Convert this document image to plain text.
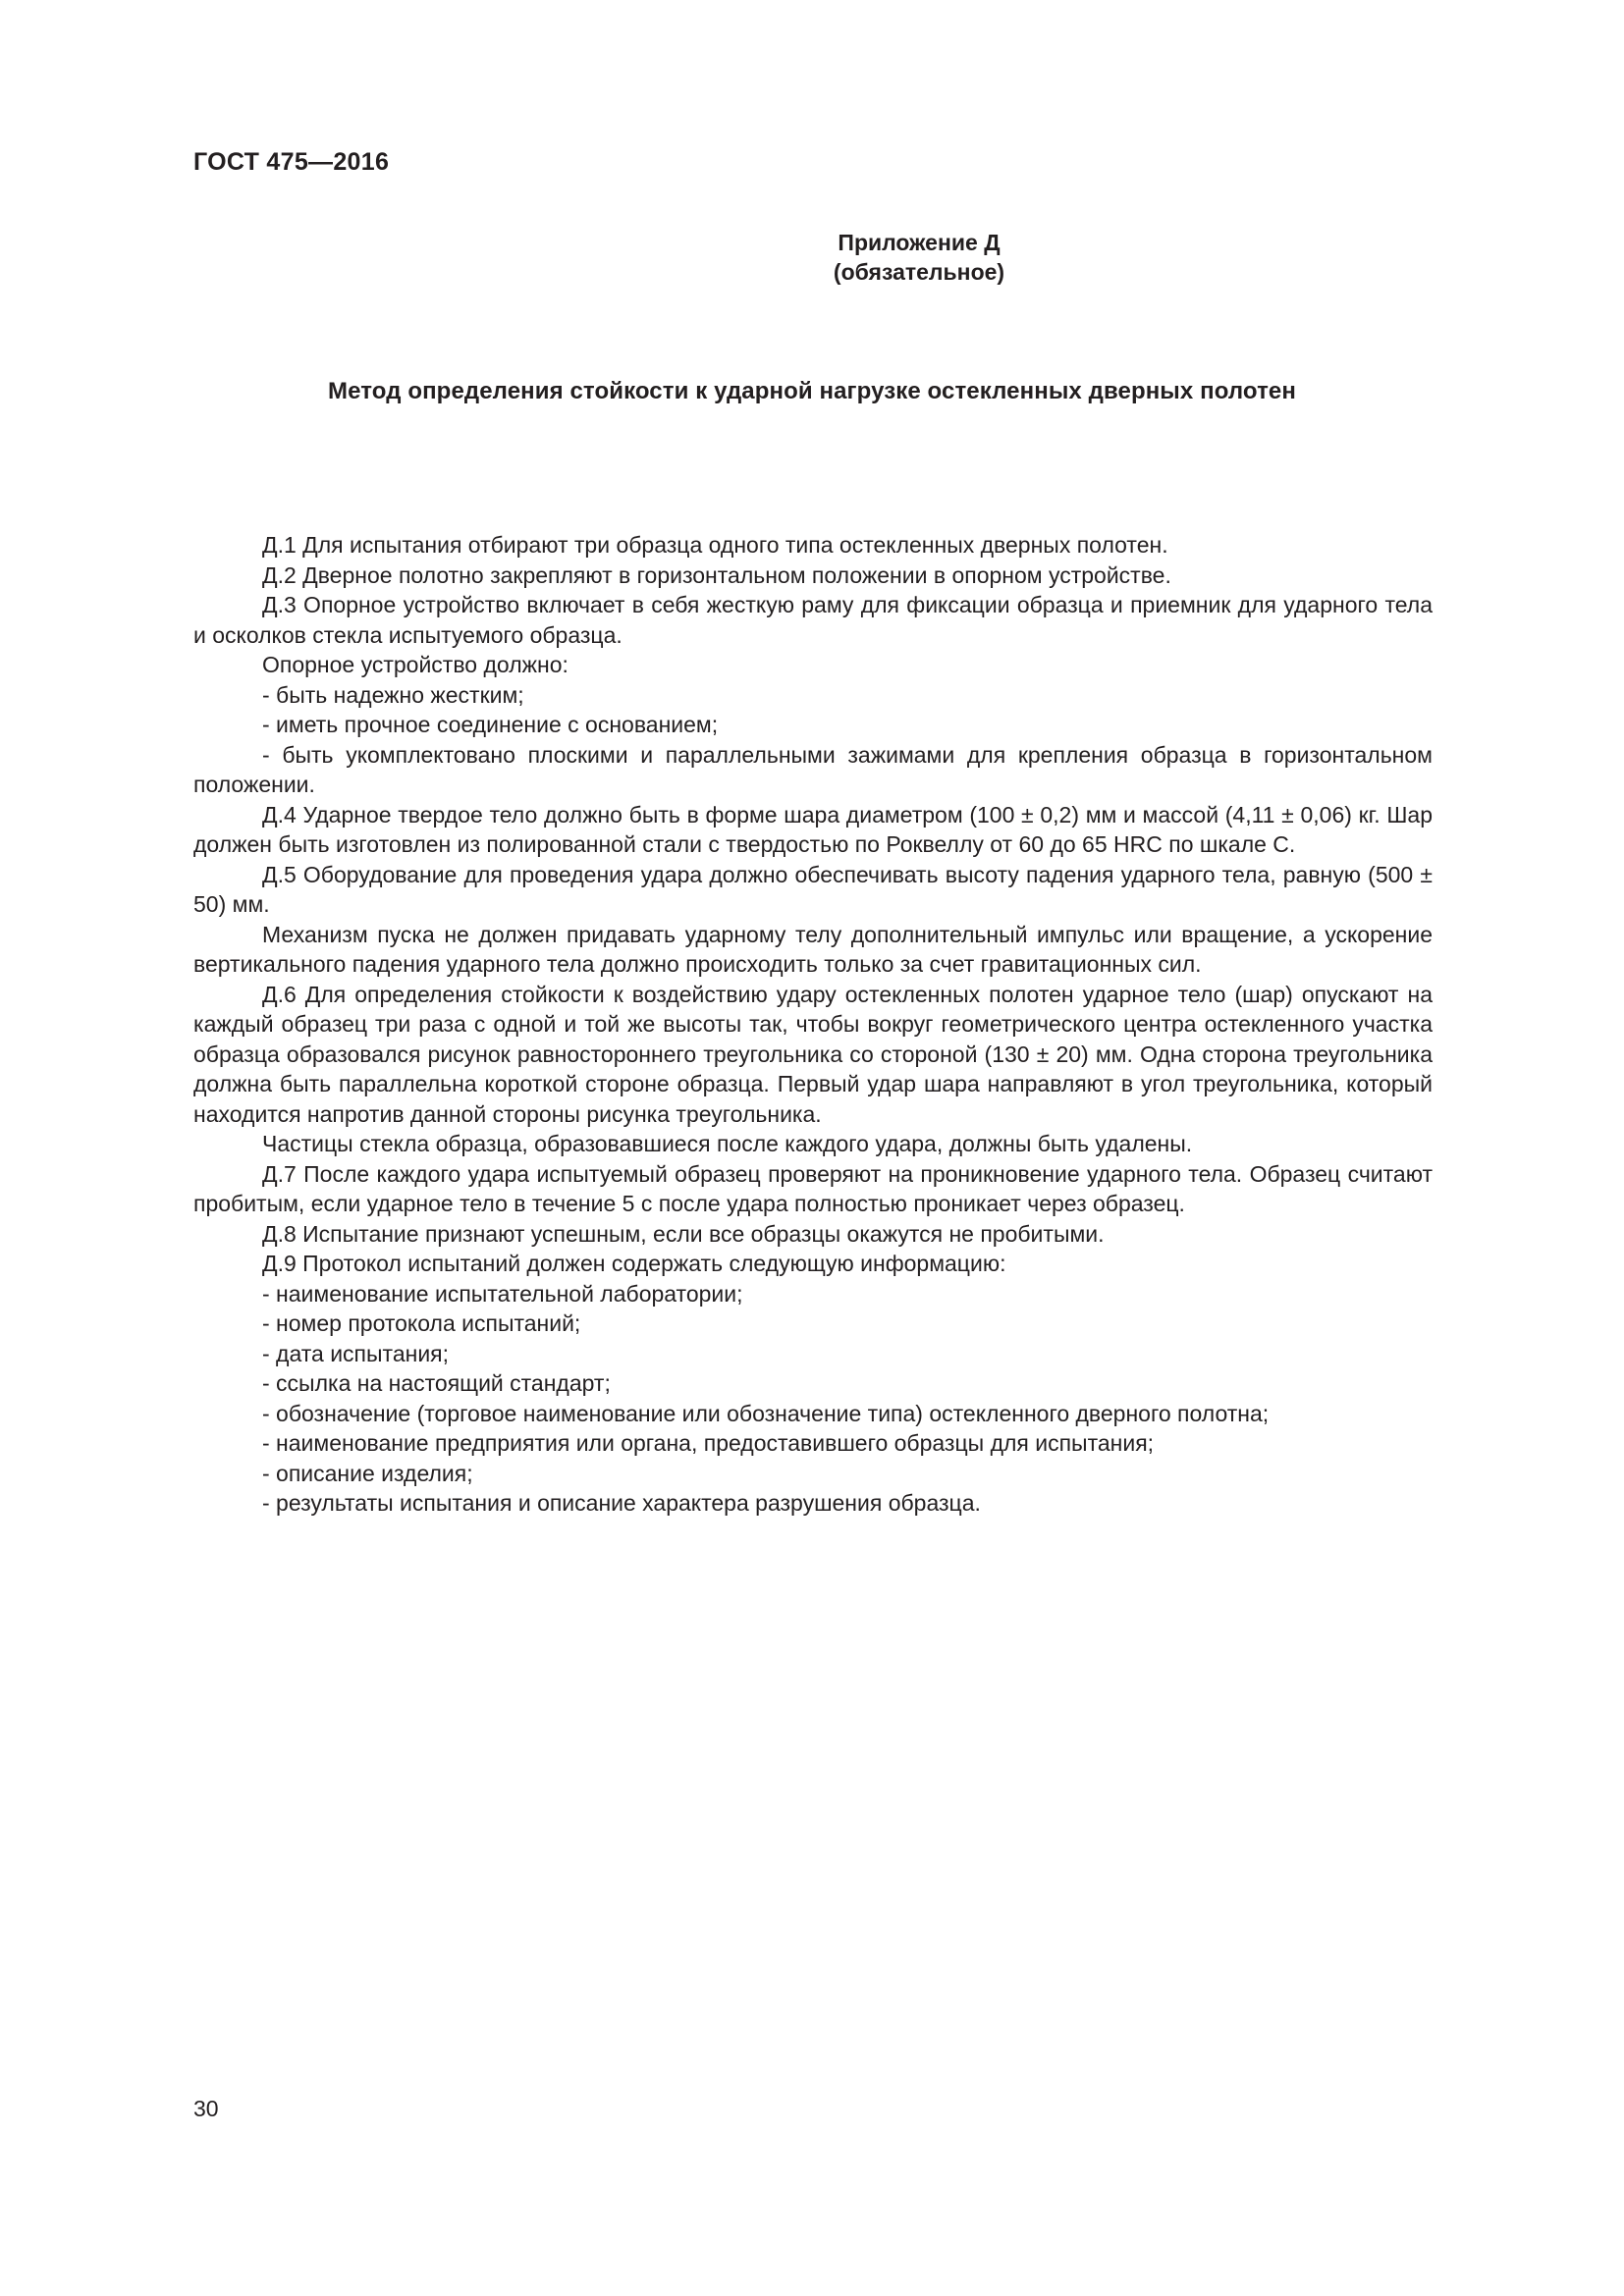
ГОСТ 475—2016
Приложение Д
(обязательное)
Метод определения стойкости к ударной нагрузке остекленных дверных полотен

Д.1 Для испытания отбирают три образца одного типа остекленных дверных полотен.

Д.2 Дверное полотно закрепляют в горизонтальном положении в опорном устройстве.

Д.3 Опорное устройство включает в себя жесткую раму для фиксации образца и приемник для ударного тела и осколков стекла испытуемого образца.

Опорное устройство должно:

- быть надежно жестким;

- иметь прочное соединение с основанием;

- быть укомплектовано плоскими и параллельными зажимами для крепления образца в горизонтальном положении.

Д.4 Ударное твердое тело должно быть в форме шара диаметром (100 ± 0,2) мм и массой (4,11 ± 0,06) кг. Шар должен быть изготовлен из полированной стали с твердостью по Роквеллу от 60 до 65 HRC по шкале С.

Д.5 Оборудование для проведения удара должно обеспечивать высоту падения ударного тела, равную (500 ± 50) мм.

Механизм пуска не должен придавать ударному телу дополнительный импульс или вращение, а ускорение вертикального падения ударного тела должно происходить только за счет гравитационных сил.

Д.6 Для определения стойкости к воздействию удару остекленных полотен ударное тело (шар) опускают на каждый образец три раза с одной и той же высоты так, чтобы вокруг геометрического центра остекленного участка образца образовался рисунок равностороннего треугольника со стороной (130 ± 20) мм. Одна сторона треугольника должна быть параллельна короткой стороне образца. Первый удар шара направляют в угол треугольника, который находится напротив данной стороны рисунка треугольника.

Частицы стекла образца, образовавшиеся после каждого удара, должны быть удалены.

Д.7 После каждого удара испытуемый образец проверяют на проникновение ударного тела. Образец считают пробитым, если ударное тело в течение 5 с после удара полностью проникает через образец.

Д.8 Испытание признают успешным, если все образцы окажутся не пробитыми.

Д.9 Протокол испытаний должен содержать следующую информацию:

- наименование испытательной лаборатории;

- номер протокола испытаний;

- дата испытания;

- ссылка на настоящий стандарт;

- обозначение (торговое наименование или обозначение типа) остекленного дверного полотна;

- наименование предприятия или органа, предоставившего образцы для испытания;

- описание изделия;

- результаты испытания и описание характера разрушения образца.

30
